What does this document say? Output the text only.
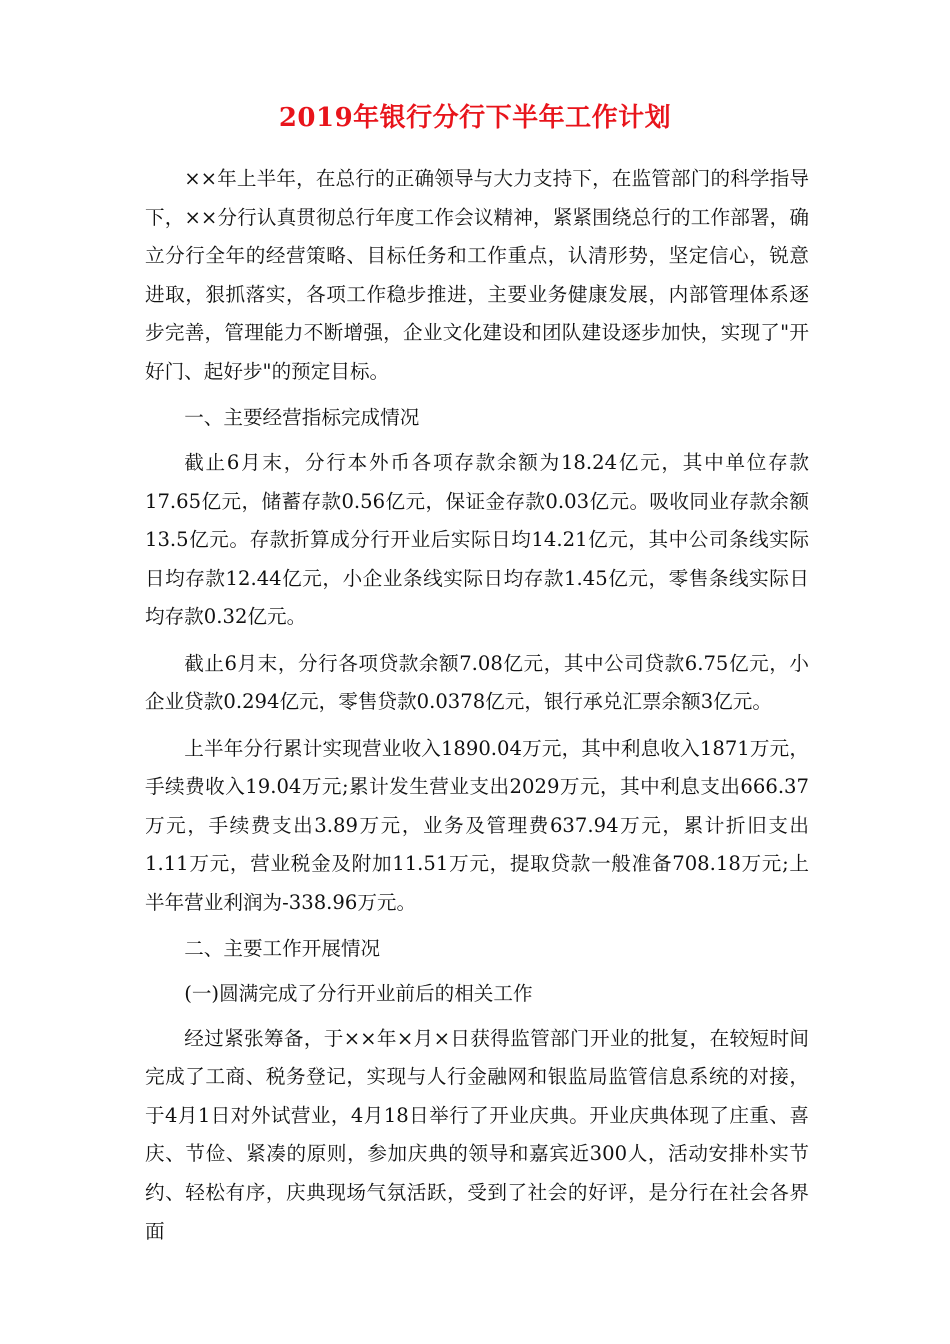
2019年银行分行下半年工作计划

××年上半年，在总行的正确领导与大力支持下，在监管部门的科学指导下，××分行认真贯彻总行年度工作会议精神，紧紧围绕总行的工作部署，确立分行全年的经营策略、目标任务和工作重点，认清形势，坚定信心，锐意进取，狠抓落实，各项工作稳步推进，主要业务健康发展，内部管理体系逐步完善，管理能力不断增强，企业文化建设和团队建设逐步加快，实现了"开好门、起好步"的预定目标。

一、主要经营指标完成情况

截止6月末，分行本外币各项存款余额为18.24亿元，其中单位存款17.65亿元，储蓄存款0.56亿元，保证金存款0.03亿元。吸收同业存款余额13.5亿元。存款折算成分行开业后实际日均14.21亿元，其中公司条线实际日均存款12.44亿元，小企业条线实际日均存款1.45亿元，零售条线实际日均存款0.32亿元。

截止6月末，分行各项贷款余额7.08亿元，其中公司贷款6.75亿元，小企业贷款0.294亿元，零售贷款0.0378亿元，银行承兑汇票余额3亿元。

上半年分行累计实现营业收入1890.04万元，其中利息收入1871万元，手续费收入19.04万元;累计发生营业支出2029万元，其中利息支出666.37万元，手续费支出3.89万元，业务及管理费637.94万元，累计折旧支出1.11万元，营业税金及附加11.51万元，提取贷款一般准备708.18万元;上半年营业利润为-338.96万元。

二、主要工作开展情况

(一)圆满完成了分行开业前后的相关工作

经过紧张筹备，于××年×月×日获得监管部门开业的批复，在较短时间完成了工商、税务登记，实现与人行金融网和银监局监管信息系统的对接，于4月1日对外试营业，4月18日举行了开业庆典。开业庆典体现了庄重、喜庆、节俭、紧凑的原则，参加庆典的领导和嘉宾近300人，活动安排朴实节约、轻松有序，庆典现场气氛活跃，受到了社会的好评，是分行在社会各界面
